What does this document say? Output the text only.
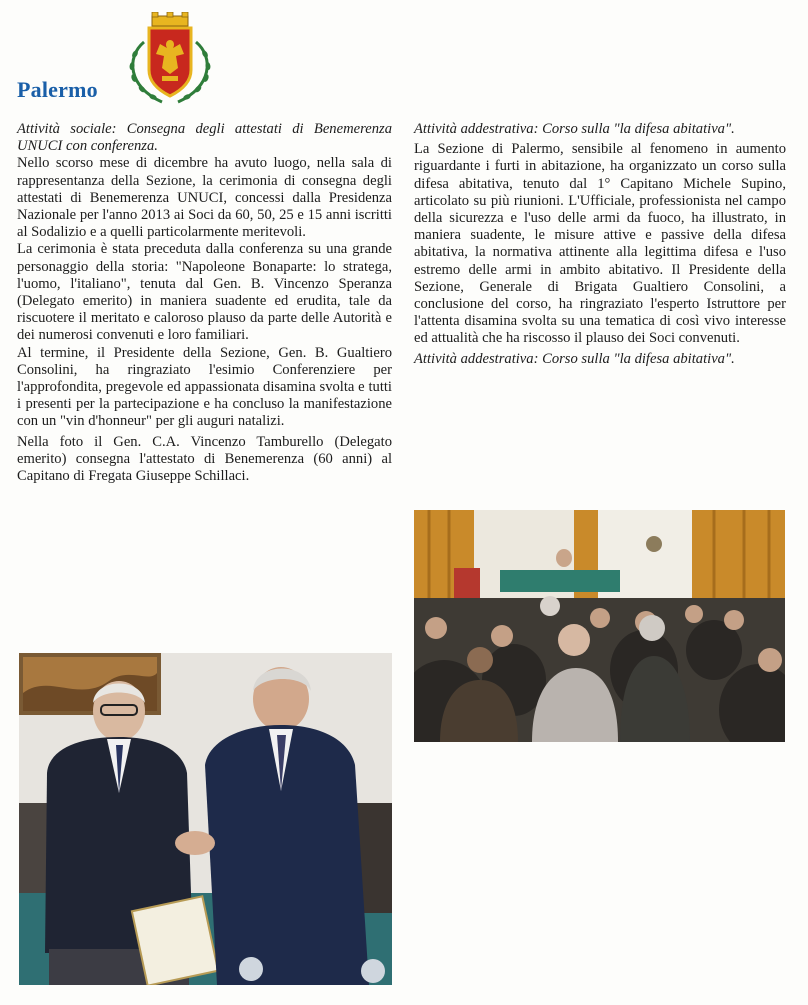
Palermo

Attività sociale: Consegna degli attestati di Benemerenza UNUCI con conferenza.

Nello scorso mese di dicembre ha avuto luogo, nella sala di rappresentanza della Sezione, la cerimonia di consegna degli attestati di Benemerenza UNUCI, concessi dalla Presidenza Nazionale per l'anno 2013 ai Soci da 60, 50, 25 e 15 anni iscritti al Sodalizio e a quelli particolarmente meritevoli.

La cerimonia è stata preceduta dalla conferenza su una grande personaggio della storia: "Napoleone Bonaparte: lo stratega, l'uomo, l'italiano", tenuta dal Gen. B. Vincenzo Speranza (Delegato emerito) in maniera suadente ed erudita, tale da riscuotere il meritato e caloroso plauso da parte delle Autorità e dei numerosi convenuti e loro familiari.

Al termine, il Presidente della Sezione, Gen. B. Gualtiero Consolini, ha ringraziato l'esimio Conferenziere per l'approfondita, pregevole ed appassionata disamina svolta e tutti i presenti per la partecipazione e ha concluso la manifestazione con un "vin d'honneur" per gli auguri natalizi.

Nella foto il Gen. C.A. Vincenzo Tamburello (Delegato emerito) consegna l'attestato di Benemerenza (60 anni) al Capitano di Fregata Giuseppe Schillaci.

Attività addestrativa: Corso sulla "la difesa abitativa".

La Sezione di Palermo, sensibile al fenomeno in aumento riguardante i furti in abitazione, ha organizzato un corso sulla difesa abitativa, tenuto dal 1° Capitano Michele Supino, articolato su più riunioni. L'Ufficiale, professionista nel campo della sicurezza e l'uso delle armi da fuoco, ha illustrato, in maniera suadente, le misure attive e passive della difesa abitativa, la normativa attinente alla legittima difesa e l'uso estremo delle armi in ambito abitativo. Il Presidente della Sezione, Generale di Brigata Gualtiero Consolini, a conclusione del corso, ha ringraziato l'esperto Istruttore per l'attenta disamina svolta su una tematica di così vivo interesse ed attualità che ha riscosso il plauso dei Soci convenuti.

Attività addestrativa: Corso sulla "la difesa abitativa".
